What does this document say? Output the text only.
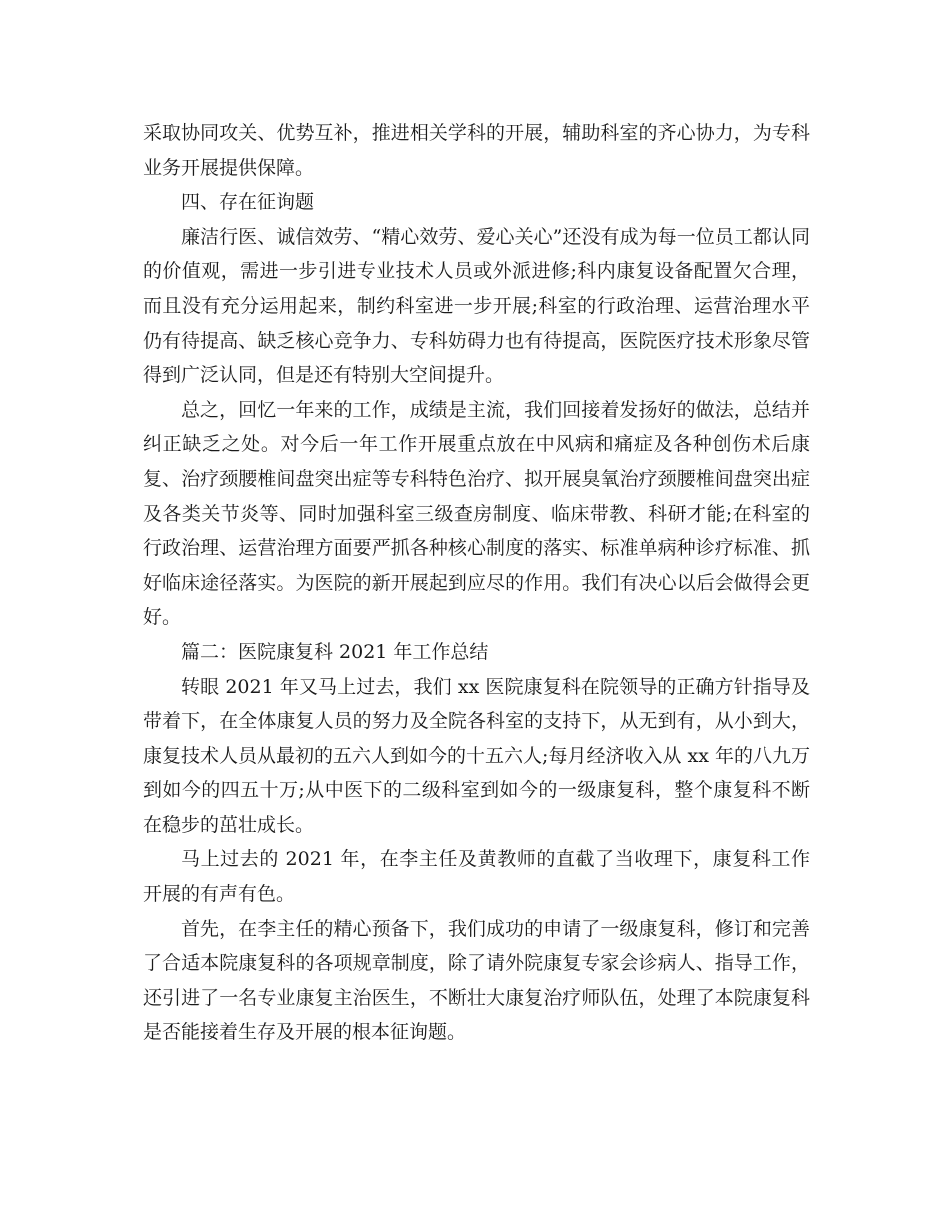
采取协同攻关、优势互补，推进相关学科的开展，辅助科室的齐心协力，为专科业务开展提供保障。

四、存在征询题

廉洁行医、诚信效劳、“精心效劳、爱心关心”还没有成为每一位员工都认同的价值观，需进一步引进专业技术人员或外派进修;科内康复设备配置欠合理，而且没有充分运用起来，制约科室进一步开展;科室的行政治理、运营治理水平仍有待提高、缺乏核心竞争力、专科妨碍力也有待提高，医院医疗技术形象尽管得到广泛认同，但是还有特别大空间提升。

总之，回忆一年来的工作，成绩是主流，我们回接着发扬好的做法，总结并纠正缺乏之处。对今后一年工作开展重点放在中风病和痛症及各种创伤术后康复、治疗颈腰椎间盘突出症等专科特色治疗、拟开展臭氧治疗颈腰椎间盘突出症及各类关节炎等、同时加强科室三级查房制度、临床带教、科研才能;在科室的行政治理、运营治理方面要严抓各种核心制度的落实、标准单病种诊疗标准、抓好临床途径落实。为医院的新开展起到应尽的作用。我们有决心以后会做得会更好。

篇二：医院康复科 2021 年工作总结

转眼 2021 年又马上过去，我们 xx 医院康复科在院领导的正确方针指导及带着下，在全体康复人员的努力及全院各科室的支持下，从无到有，从小到大，康复技术人员从最初的五六人到如今的十五六人;每月经济收入从 xx 年的八九万到如今的四五十万;从中医下的二级科室到如今的一级康复科，整个康复科不断在稳步的茁壮成长。

马上过去的 2021 年，在李主任及黄教师的直截了当收理下，康复科工作开展的有声有色。

首先，在李主任的精心预备下，我们成功的申请了一级康复科，修订和完善了合适本院康复科的各项规章制度，除了请外院康复专家会诊病人、指导工作，还引进了一名专业康复主治医生，不断壮大康复治疗师队伍，处理了本院康复科是否能接着生存及开展的根本征询题。
